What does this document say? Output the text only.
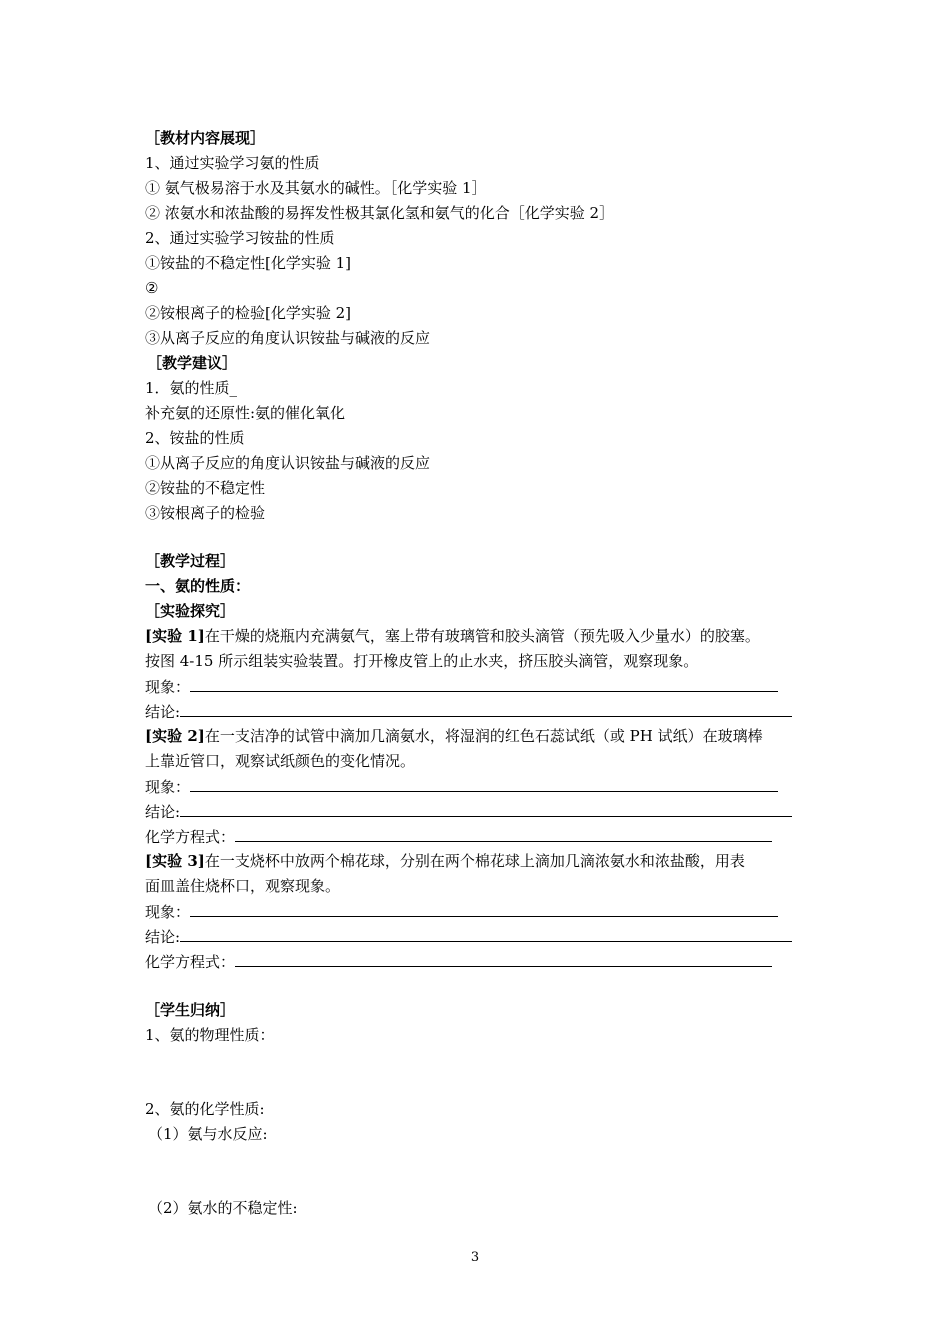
［教材内容展现］
1、通过实验学习氨的性质
① 氨气极易溶于水及其氨水的碱性。［化学实验 1］
② 浓氨水和浓盐酸的易挥发性极其氯化氢和氨气的化合［化学实验 2］
2、通过实验学习铵盐的性质
①铵盐的不稳定性[化学实验 1]
②
②铵根离子的检验[化学实验 2]
③从离子反应的角度认识铵盐与碱液的反应
［教学建议］
1．氨的性质_
补充氨的还原性:氨的催化氧化
2、铵盐的性质
①从离子反应的角度认识铵盐与碱液的反应
②铵盐的不稳定性
③铵根离子的检验
［教学过程］
一、氨的性质：
［实验探究］
[实验 1]在干燥的烧瓶内充满氨气，塞上带有玻璃管和胶头滴管（预先吸入少量水）的胶塞。
按图 4-15 所示组装实验装置。打开橡皮管上的止水夹，挤压胶头滴管，观察现象。
现象：
结论:
[实验 2]在一支洁净的试管中滴加几滴氨水，将湿润的红色石蕊试纸（或 PH 试纸）在玻璃棒
上靠近管口，观察试纸颜色的变化情况。
现象：
结论:
化学方程式：
[实验 3]在一支烧杯中放两个棉花球，分别在两个棉花球上滴加几滴浓氨水和浓盐酸，用表
面皿盖住烧杯口，观察现象。
现象：
结论:
化学方程式：
［学生归纳］
1、氨的物理性质：
2、氨的化学性质:
（1）氨与水反应:
（2）氨水的不稳定性:
3
